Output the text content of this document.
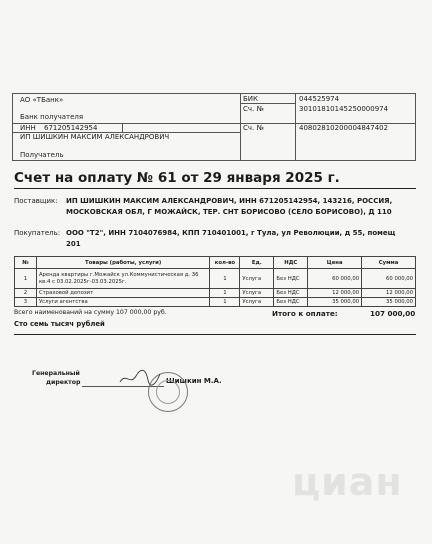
АО «ТБанк»
Банк получателя
БИК	044525974
Сч. №	30101810145250000974
ИНН 671205142954	Сч. №	40802810200004847402
ИП ШИШКИН МАКСИМ АЛЕКСАНДРОВИЧ
Получатель
Счет на оплату № 61 от 29 января 2025 г.
Поставщик: ИП ШИШКИН МАКСИМ АЛЕКСАНДРОВИЧ, ИНН 671205142954, 143216, РОССИЯ,
МОСКОВСКАЯ ОБЛ, Г МОЖАЙСК, ТЕР. СНТ БОРИСОВО (СЕЛО БОРИСОВО), Д 110
Покупатель: ООО "Т2", ИНН 7104076984, КПП 710401001, г Тула, ул Революции, д 55, помещ
201
№	Товары (работы, услуги)	кол-во	Ед.	НДС	Цена	Сумма
1	Аренда квартиры г.Можайск ул.Коммунистическая д. 36 кв.4 с 03.02.2025г-03.03.2025г.	1	Услуга	Без НДС	60 000,00	60 000,00
2	Страховой депозит	1	Услуга	Без НДС	12 000,00	12 000,00
3	Услуги агентства	1	Услуга	Без НДС	35 000,00	35 000,00
Всего наименований на сумму 107 000,00 руб.
Сто семь тысяч рублей
Итого к оплате:	107 000,00
Генеральный
директор	Шишкин М.А.
циан
